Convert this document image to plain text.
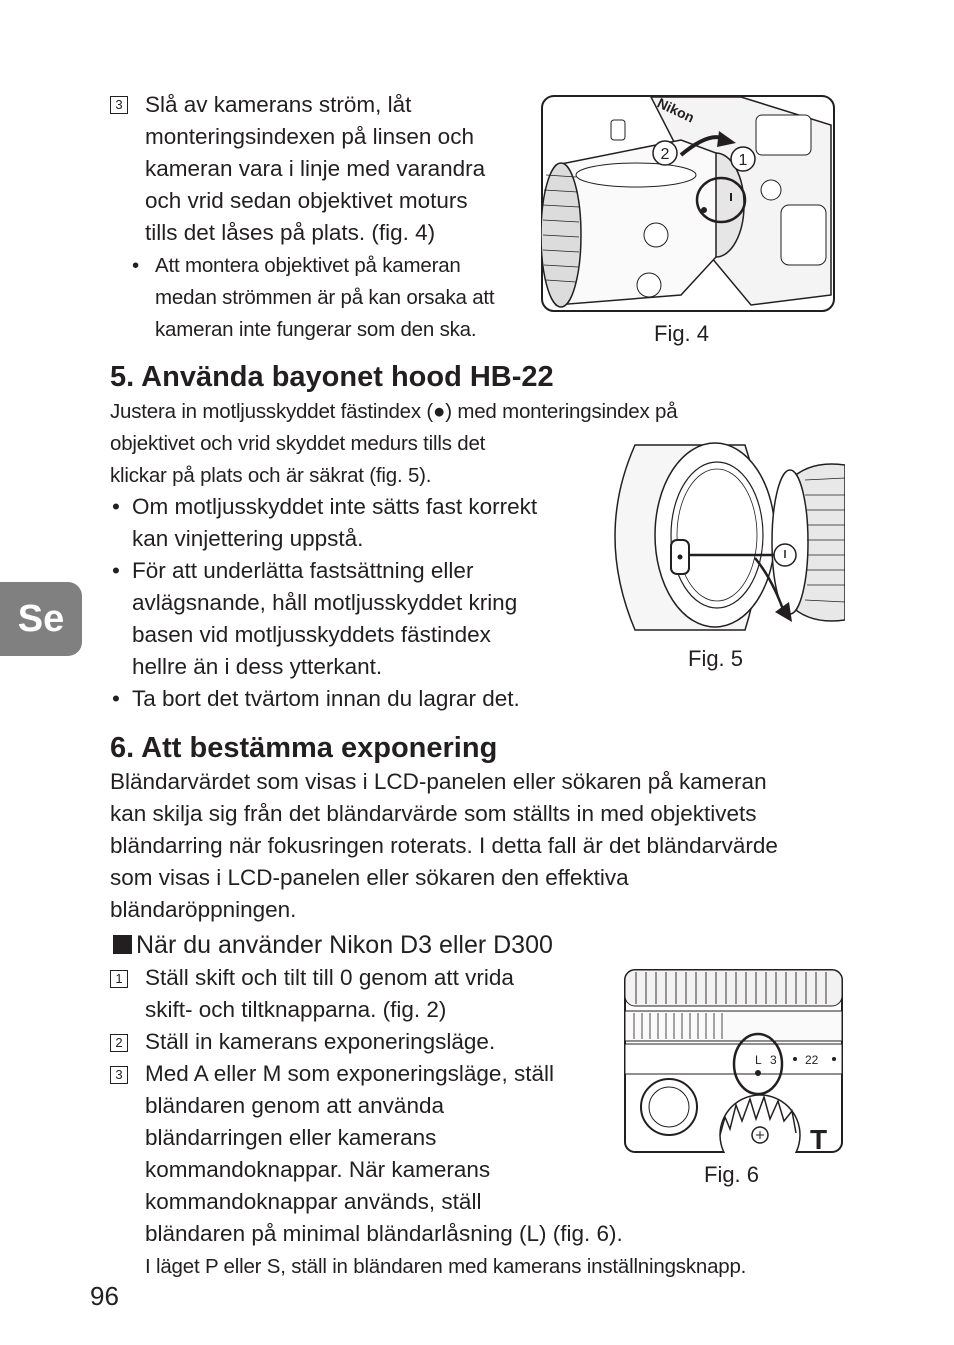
3 Slå av kamerans ström, låt
monteringsindexen på linsen och
kameran vara i linje med varandra
och vrid sedan objektivet moturs
tills det låses på plats. (fig. 4)
• Att montera objektivet på kameran
medan strömmen är på kan orsaka att
kameran inte fungerar som den ska.
Nikon
2	1
Fig. 4
5. Använda bayonet hood HB-22
Justera in motljusskyddet fästindex (●) med monteringsindex på
objektivet och vrid skyddet medurs tills det
klickar på plats och är säkrat (fig. 5).
• Om motljusskyddet inte sätts fast korrekt
kan vinjettering uppstå.
• För att underlätta fastsättning eller
avlägsnande, håll motljusskyddet kring
basen vid motljusskyddets fästindex
hellre än i dess ytterkant.
• Ta bort det tvärtom innan du lagrar det.
Fig. 5
Se
6. Att bestämma exponering
Bländarvärdet som visas i LCD-panelen eller sökaren på kameran
kan skilja sig från det bländarvärde som ställts in med objektivets
bländarring när fokusringen roterats. I detta fall är det bländarvärde
som visas i LCD-panelen eller sökaren den effektiva
bländaröppningen.
När du använder Nikon D3 eller D300
1 Ställ skift och tilt till 0 genom att vrida
skift- och tiltknapparna. (fig. 2)
2 Ställ in kamerans exponeringsläge.
3 Med A eller M som exponeringsläge, ställ
bländaren genom att använda
bländarringen eller kamerans
kommandoknappar. När kamerans
kommandoknappar används, ställ
bländaren på minimal bländarlåsning (L) (fig. 6).
I läget P eller S, ställ in bländaren med kamerans inställningsknapp.
L 3 22
T
Fig. 6
96
